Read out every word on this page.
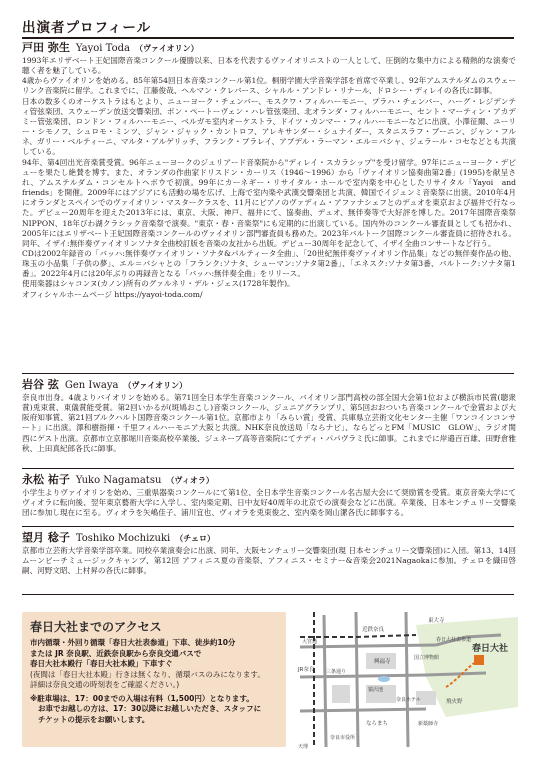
出演者プロフィール
戸田 弥生 Yayoi Toda （ヴァイオリン）

1993年エリザベート王妃国際音楽コンクール優勝以来、日本を代表するヴァイオリニストの一人として、圧倒的な集中力による精熱的な演奏で聴く者を魅了している。

4歳からヴァイオリンを始める。85年第54回日本音楽コンクール第1位。桐朋学園大学音楽学部を首席で卒業し、92年アムステルダムのスウェーリンク音楽院に留学。これまでに、江藤俊哉、ヘルマン・クレバース、シャルル・アンドレ・リナール、ドロシー・ディレイの各氏に師事。

日本の数多くのオーケストラはもとより、ニューヨーク・チェンバー、モスクワ・フィルハーモニー、プラハ・チェンバー、ハーグ・レジデンティ管弦楽団、スウェーデン放送交響楽団、ポン・ペートーヴェン・ハレ管弦楽団、北オランダ・フィルハーモニー、セント・マーティン・アカデミー管弦楽団、ロンドン・フィルハーモニー、ベルガモ室内オーケストラ、ドイツ・カンマー・フィルハーモニーなどに出演、小澤征爾、ユーリー・シモノフ、シュロモ・ミンツ、ジャン・ジャック・カントロフ、アレキサンダー・シュナイダー、スタニスラフ・ブーニン、ジャン・フルネ、ガリー・ベルティーニ、マルタ・アルゲリッチ、フランク・ブラレイ、アブデル・ラーマン・エル＝バシャ、ジェラール・コセなどとも共演している。

94年、第4回出光音楽賞受賞。96年ニューヨークのジュリアード音楽院から"ディレイ・スカラシップ"を受け留学。97年にニューヨーク・デビューを果たし絶賛を博す。また、オランダの作曲家ドリスドン・カーリス（1946〜1996）から「ヴァイオリン協奏曲第2番」(1995)を献呈され、アムステルダム・コンセルトヘボウで初演。99年にカーネギー・リサイタル・ホールで室内楽を中心としたリサイタル「Yayoi　and　friends」を開催。2009年にはアジアにも活動の場を広げ、上海で室内楽や武漢交響楽団と共演、韓国でイジュンミ音楽祭に出演。2010年4月にオランダとスペインでのヴァイオリン・マスタークラスを、11月にビアノのヴァディム・アファナシェフとのデュオを東京および福井で行なった。デビュー20周年を迎えた2013年には、東京、大阪、神戸、福井にて、協奏曲、デュオ、無伴奏等で大好評を博した。2017年国際音楽祭 NIPPON、18年びわ湖クラシック音楽祭で演奏。"東京・春・音楽祭"にも定期的に出演している。国内外のコンクール審査員としても招かれ、2005年にはエリザベート王妃国際音楽コンクールのヴァイオリン部門審査員も務めた。2023年バルトーク国際コンクール審査員に招待される。同年、イザイ:無伴奏ヴァイオリンソナタ全曲校訂版を音楽の友社から出版。デビュー30周年を記念して、イザイ全曲コンサートなど行う。

CDは2002年録音の「バッハ:無伴奏ヴァイオリン・ソナタ&パルティータ全曲」、「20世紀無伴奏ヴァイオリン作品集」などの無伴奏作品の他、珠玉の小品集「子供の夢」、エル＝バシャとの「フランク:ソナタ、シューマン:ソナタ第2番」、「エネスク:ソナタ第3番、バルトーク:ソナタ第1番」。2022年4月には20年ぶりの再録音となる「バッハ:無伴奏全曲」をリリース。

使用楽器はシャコンヌ(カノン)所有のグァルネリ・デル・ジェス(1728年製作)。

オフィシャルホームページ https://yayoi-toda.com/

岩谷 弦 Gen Iwaya （ヴァイオリン）

奈良市出身。4歳よりバイオリンを始める。第71回全日本学生音楽コンクール、バイオリン部門高校の部全国大会第1位および横浜市民賞(聴衆賞)兎束賞、東儀賞能受賞。第2回いかるが(斑鳩おこし)音楽コンクール、ジュニアグランプリ、第5回おおついち音楽コンクールで金賞および大阪府知事賞、第21回ブルクハルト国際音楽コンクール第1位。京都市より「みらい賞」受賞、兵庫県立芸術文化センター主催「ワンコインコンサート」に出演。澤和樹指揮・千里フィルハーモニア大阪と共演。NHK奈良放送局「ならナビ」、ならどっとFM「MUSIC　GLOW」、ラジオ関西にゲスト出演。京都市立京都堀川音楽高校卒業後、ジュネーブ高等音楽院にてテディ・パパヴラミ氏に師事。これまでに岸邉百百雄、田野倉雅秋、上田真紀郎各氏に師事。

永松 祐子 Yuko Nagamatsu （ヴィオラ）

小学生よりヴァイオリンを始め、三重県器楽コンクールにて第1位、全日本学生音楽コンクール名古屋大会にて奨励賞を受賞。東京音楽大学にてヴィオラに転向後、翌年東京藝術大学に入学し、室内楽定期、日中友好40周年の北京での演奏会などに出演。卒業後、日本センチュリー交響楽団に参加し現在に至る。ヴィオラを矢嶋佳子、浦川宜也、ヴィオラを兎束俊之、室内楽を岡山潔各氏に師事する。

望月 稔子 Toshiko Mochizuki （チェロ）

京都市立芸術大学音楽学部卒業。同校卒業演奏会に出演、同年、大阪センチュリー交響楽団(現 日本センチュリー交響楽団)に入団。第13、14回 ムーンビーチミュージックキャンプ、第12回 アフィニス夏の音楽祭、アフィニス・セミナー&音楽会2021Nagaokaに参加。チェロを織田啓嗣、河野文昭、上村昇の各氏に師事。

春日大社までのアクセス
市内循環・外回り循環「春日大社表参道」下車、徒歩約10分
または JR 奈良駅、近鉄奈良駅から奈良交通バスで
春日大社本殿行「春日大社本殿」下車すぐ
(夜間は「春日大社本殿」行きは無くなり、循環バスのみになります。
詳細は奈良交通の時刻表をご確認ください。)
※駐車場は、17：00までの入場は有料（1,500円）となります。
お車でお越しの方は、17：30以降にお越しいただき、スタッフに
チケットの提示をお願いします。
春日大社
近鉄奈良
JR奈良
東大寺
興福寺
猿沢池
国立博物館
飛火野
新薬師寺
奈良ホテル
ならまち
奈良市役所
天理
三条通り
大宮通	春日大社表参道
